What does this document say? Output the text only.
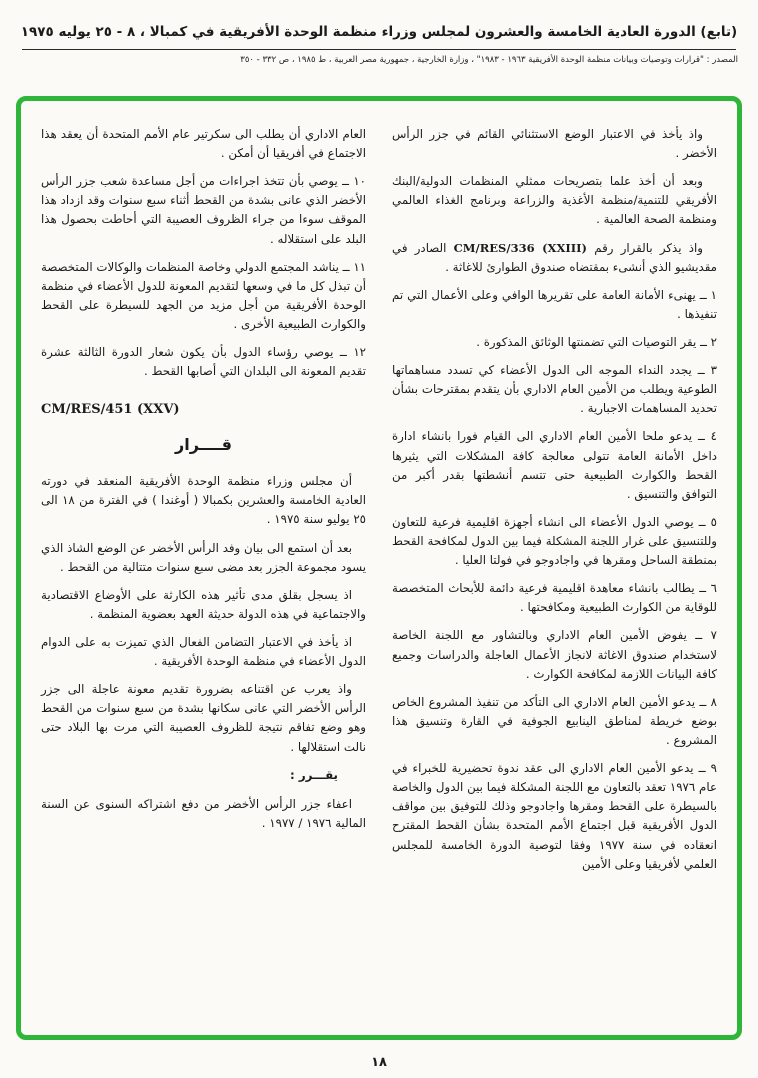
(تابع) الدورة العادية الخامسة والعشرون لمجلس وزراء منظمة الوحدة الأفريقية في كمبالا ، ٨ - ٢٥ يوليه ١٩٧٥
المصدر : "قرارات وتوصيات وبيانات منظمة الوحدة الأفريقية ١٩٦٣ - ١٩٨٣" ، وزارة الخارجية ، جمهورية مصر العربية ، ط ١٩٨٥ ، ص ٣٣٢ - ٣٥٠

واذ يأخذ في الاعتبار الوضع الاستثنائي القائم في جزر الرأس الأخضر .

وبعد أن أخذ علما بتصريحات ممثلي المنظمات الدولية/البنك الأفريقي للتنمية/منظمة الأغذية والزراعة وبرنامج الغذاء العالمي ومنظمة الصحة العالمية .

واذ يذكر بالقرار رقم CM/RES/336 (XXIII) الصادر في مقديشيو الذي أنشىء بمقتضاه صندوق الطوارئ للاغاثة .

١ ــ يهنىء الأمانة العامة على تقريرها الوافي وعلى الأعمال التي تم تنفيذها .

٢ ــ يقر التوصيات التي تضمنتها الوثائق المذكورة .

٣ ــ يجدد النداء الموجه الى الدول الأعضاء كي تسدد مساهماتها الطوعية ويطلب من الأمين العام الاداري بأن يتقدم بمقترحات بشأن تحديد المساهمات الاجبارية .

٤ ــ يدعو ملحا الأمين العام الاداري الى القيام فورا بانشاء ادارة داخل الأمانة العامة تتولى معالجة كافة المشكلات التي يثيرها القحط والكوارث الطبيعية حتى تتسم أنشطتها بقدر أكبر من التوافق والتنسيق .

٥ ــ يوصي الدول الأعضاء الى انشاء أجهزة اقليمية فرعية للتعاون وللتنسيق على غرار اللجنة المشكلة فيما بين الدول لمكافحة القحط بمنطقة الساحل ومقرها في واجادوجو في فولتا العليا .

٦ ــ يطالب بانشاء معاهدة اقليمية فرعية دائمة للأبحاث المتخصصة للوقاية من الكوارث الطبيعية ومكافحتها .

٧ ــ يفوض الأمين العام الاداري وبالتشاور مع اللجنة الخاصة لاستخدام صندوق الاغاثة لانجاز الأعمال العاجلة والدراسات وجميع كافة البيانات اللازمة لمكافحة الكوارث .

٨ ــ يدعو الأمين العام الاداري الى التأكد من تنفيذ المشروع الخاص بوضع خريطة لمناطق الينابيع الجوفية في القارة وتنسيق هذا المشروع .

٩ ــ يدعو الأمين العام الاداري الى عقد ندوة تحضيرية للخبراء في عام ١٩٧٦ تعقد بالتعاون مع اللجنة المشكلة فيما بين الدول والخاصة بالسيطرة على القحط ومقرها واجادوجو وذلك للتوفيق بين مواقف الدول الأفريقية قبل اجتماع الأمم المتحدة بشأن القحط المقترح انعقاده في سنة ١٩٧٧ وفقا لتوصية الدورة الخامسة للمجلس العلمي لأفريقيا وعلى الأمين

العام الاداري أن يطلب الى سكرتير عام الأمم المتحدة أن يعقد هذا الاجتماع في أفريقيا أن أمكن .

١٠ ــ يوصي بأن تتخذ اجراءات من أجل مساعدة شعب جزر الرأس الأخضر الذي عانى بشدة من القحط أثناء سبع سنوات وقد ازداد هذا الموقف سوءا من جراء الظروف العصيبة التي أحاطت بحصول هذا البلد على استقلاله .

١١ ــ يناشد المجتمع الدولي وخاصة المنظمات والوكالات المتخصصة أن تبذل كل ما في وسعها لتقديم المعونة للدول الأعضاء في منظمة الوحدة الأفريقية من أجل مزيد من الجهد للسيطرة على القحط والكوارث الطبيعية الأخرى .

١٢ ــ يوصي رؤساء الدول بأن يكون شعار الدورة الثالثة عشرة تقديم المعونة الى البلدان التي أصابها القحط .

CM/RES/451 (XXV)
قــــرار

أن مجلس وزراء منظمة الوحدة الأفريقية المنعقد في دورته العادية الخامسة والعشرين بكمبالا ( أوغندا ) في الفترة من ١٨ الى ٢٥ يوليو سنة ١٩٧٥ .

بعد أن استمع الى بيان وفد الرأس الأخضر عن الوضع الشاذ الذي يسود مجموعة الجزر بعد مضى سبع سنوات متتالية من القحط .

اذ يسجل بقلق مدى تأثير هذه الكارثة على الأوضاع الاقتصادية والاجتماعية في هذه الدولة حديثة العهد بعضوية المنظمة .

اذ يأخذ في الاعتبار التضامن الفعال الذي تميزت به على الدوام الدول الأعضاء في منظمة الوحدة الأفريقية .

واذ يعرب عن اقتناعه بضرورة تقديم معونة عاجلة الى جزر الرأس الأخضر التي عانى سكانها بشدة من سبع سنوات من القحط وهو وضع تفاقم نتيجة للظروف العصيبة التي مرت بها البلاد حتى نالت استقلالها .

يقـــرر :

اعفاء جزر الرأس الأخضر من دفع اشتراكه السنوى عن السنة المالية ١٩٧٦ / ١٩٧٧ .

١٨
